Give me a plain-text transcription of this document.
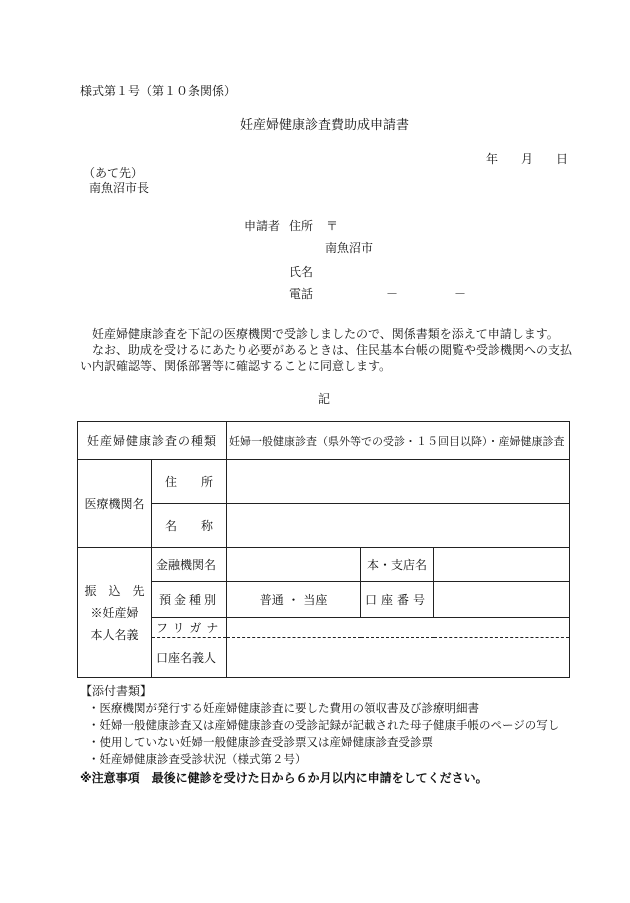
様式第１号（第１０条関係）
妊産婦健康診査費助成申請書
年 月 日
（あて先）
南魚沼市長
申請者 住所 〒
南魚沼市
氏名
電話	－	－

妊産婦健康診査を下記の医療機関で受診しましたので、関係書類を添えて申請します。

なお、助成を受けるにあたり必要があるときは、住民基本台帳の閲覧や受診機関への支払い内訳確認等、関係部署等に確認することに同意します。

記
妊産婦健康診査の種類		妊婦一般健康診査（県外等での受診・１５回目以降）・産婦健康診査		
医療機関名	住　　所			
	名　　称			

振　込　先
※妊産婦
本人名義	金融機関名		本・支店名	
	預金種別	普通 ・ 当座	口座番号	
	フリガナ			
	口座名義人			
【添付書類】
・医療機関が発行する妊産婦健康診査に要した費用の領収書及び診療明細書
・妊婦一般健康診査又は産婦健康診査の受診記録が記載された母子健康手帳のページの写し
・使用していない妊婦一般健康診査受診票又は産婦健康診査受診票
・妊産婦健康診査受診状況（様式第２号）
※注意事項　最後に健診を受けた日から６か月以内に申請をしてください。
